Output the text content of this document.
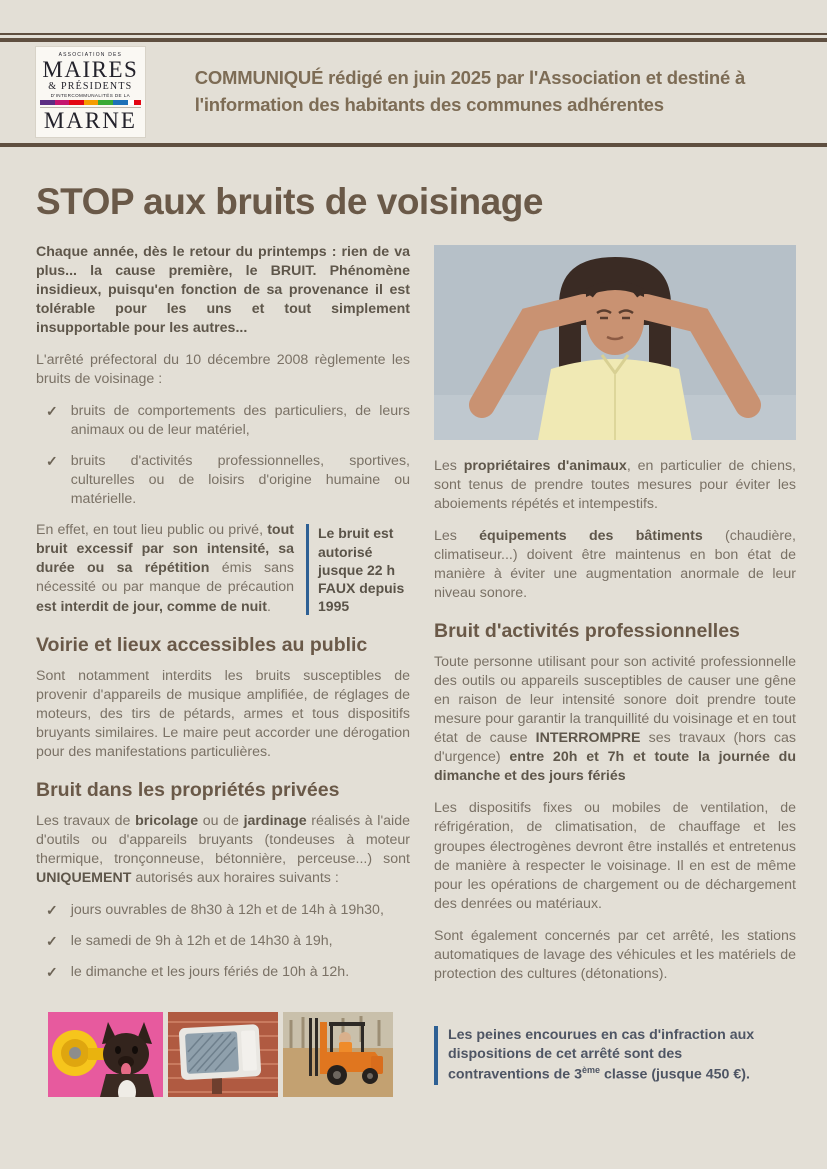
ASSOCIATION DES
MAIRES
& PRÉSIDENTS
D'INTERCOMMUNALITÉS DE LA
MARNE
COMMUNIQUÉ rédigé en juin 2025 par l'Association et destiné à l'information des habitants des communes adhérentes
STOP aux bruits de voisinage

Chaque année, dès le retour du printemps : rien de va plus... la cause première, le BRUIT. Phénomène insidieux, puisqu'en fonction de sa provenance il est tolérable pour les uns et tout simplement insupportable pour les autres...

L'arrêté préfectoral du 10 décembre 2008 règlemente les bruits de voisinage :

✓ bruits de comportements des particuliers, de leurs animaux ou de leur matériel,
✓ bruits d'activités professionnelles, sportives, culturelles ou de loisirs d'origine humaine ou matérielle.

En effet, en tout lieu public ou privé, tout bruit excessif par son intensité, sa durée ou sa répétition émis sans nécessité ou par manque de précaution est interdit de jour, comme de nuit.

Le bruit est autorisé jusque 22 h FAUX depuis 1995
Voirie et lieux accessibles au public

Sont notamment interdits les bruits susceptibles de provenir d'appareils de musique amplifiée, de réglages de moteurs, des tirs de pétards, armes et tous dispositifs bruyants similaires. Le maire peut accorder une dérogation pour des manifestations particulières.

Bruit dans les propriétés privées

Les travaux de bricolage ou de jardinage réalisés à l'aide d'outils ou d'appareils bruyants (tondeuses à moteur thermique, tronçonneuse, bétonnière, perceuse...) sont UNIQUEMENT autorisés aux horaires suivants :

✓ jours ouvrables de 8h30 à 12h et de 14h à 19h30,
✓ le samedi de 9h à 12h et de 14h30 à 19h,
✓ le dimanche et les jours fériés de 10h à 12h.

Les propriétaires d'animaux, en particulier de chiens, sont tenus de prendre toutes mesures pour éviter les aboiements répétés et intempestifs.

Les équipements des bâtiments (chaudière, climatiseur...) doivent être maintenus en bon état de manière à éviter une augmentation anormale de leur niveau sonore.

Bruit d'activités professionnelles

Toute personne utilisant pour son activité professionnelle des outils ou appareils susceptibles de causer une gêne en raison de leur intensité sonore doit prendre toute mesure pour garantir la tranquillité du voisinage et en tout état de cause INTERROMPRE ses travaux (hors cas d'urgence) entre 20h et 7h et toute la journée du dimanche et des jours fériés

Les dispositifs fixes ou mobiles de ventilation, de réfrigération, de climatisation, de chauffage et les groupes électrogènes devront être installés et entretenus de manière à respecter le voisinage. Il en est de même pour les opérations de chargement ou de déchargement des denrées ou matériaux.

Sont également concernés par cet arrêté, les stations automatiques de lavage des véhicules et les matériels de protection des cultures (détonations).

Les peines encourues en cas d'infraction aux dispositions de cet arrêté sont des contraventions de 3ème classe (jusque 450 €).
